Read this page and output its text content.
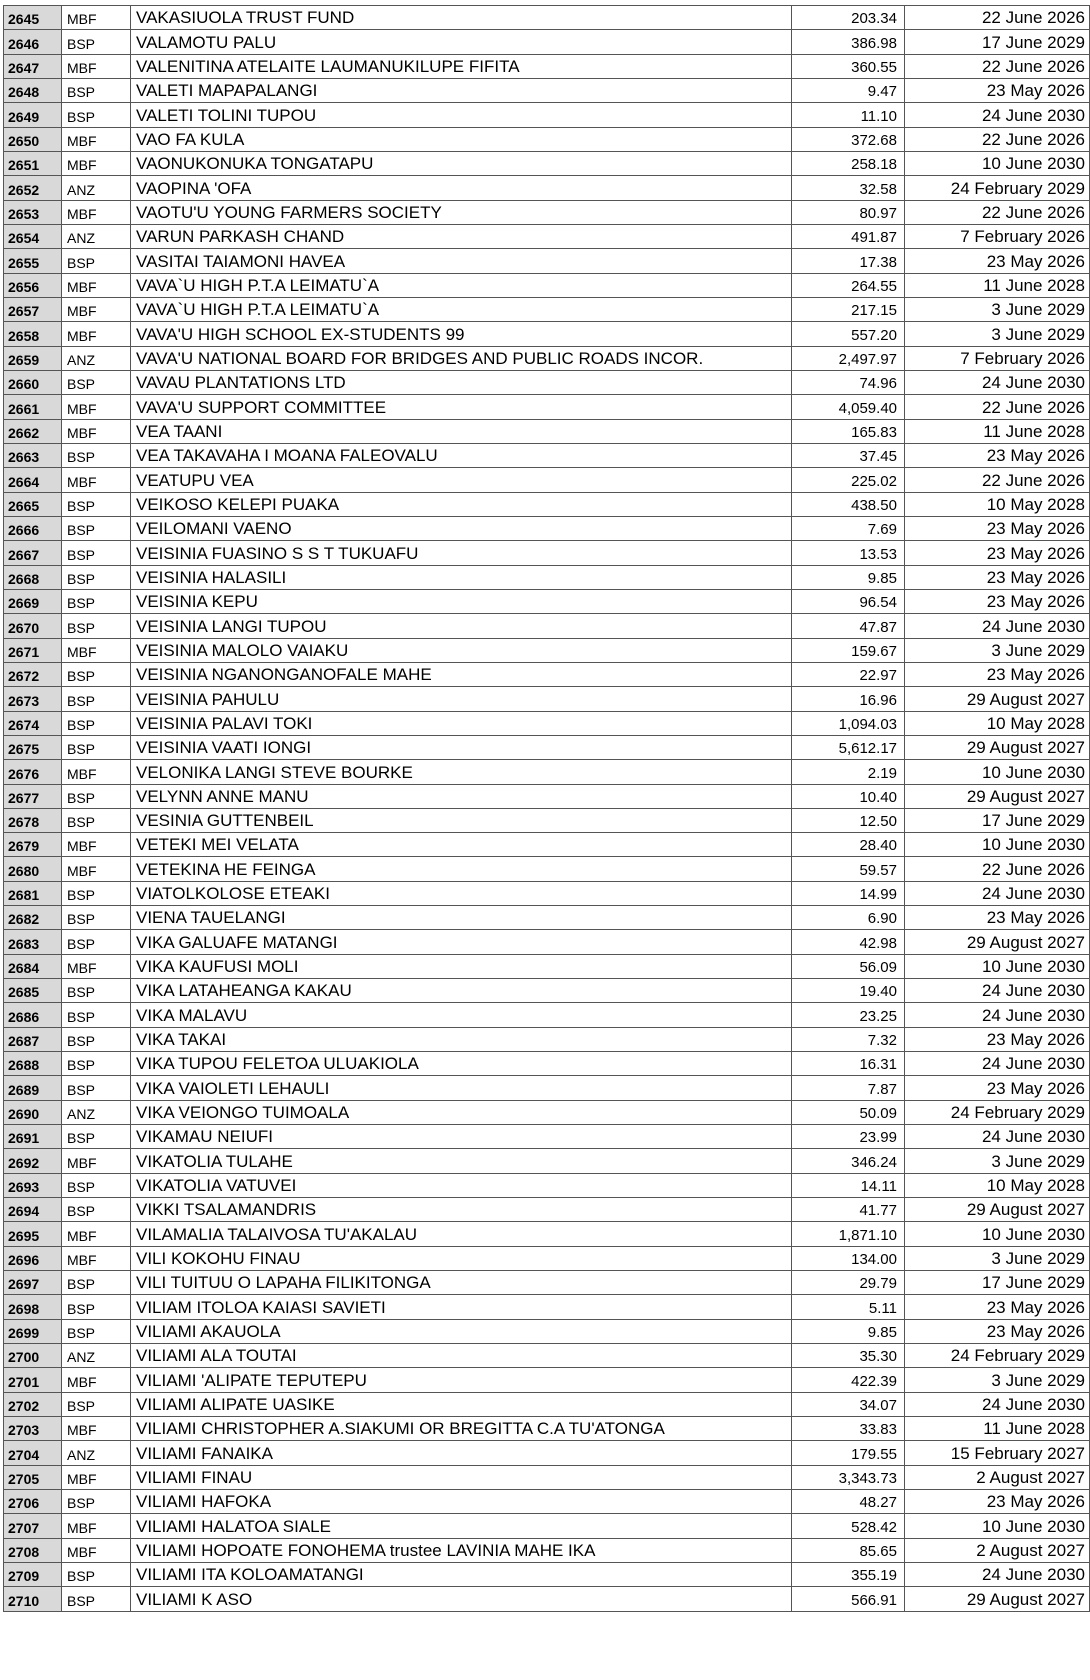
2645	MBF	VAKASIUOLA TRUST FUND	203.34	22 June 2026
2646	BSP	VALAMOTU PALU	386.98	17 June 2029
2647	MBF	VALENITINA ATELAITE LAUMANUKILUPE FIFITA	360.55	22 June 2026
2648	BSP	VALETI MAPAPALANGI	9.47	23 May 2026
2649	BSP	VALETI TOLINI TUPOU	11.10	24 June 2030
2650	MBF	VAO FA KULA	372.68	22 June 2026
2651	MBF	VAONUKONUKA TONGATAPU	258.18	10 June 2030
2652	ANZ	VAOPINA 'OFA	32.58	24 February 2029
2653	MBF	VAOTU'U YOUNG FARMERS SOCIETY	80.97	22 June 2026
2654	ANZ	VARUN PARKASH CHAND	491.87	7 February 2026
2655	BSP	VASITAI TAIAMONI HAVEA	17.38	23 May 2026
2656	MBF	VAVA`U HIGH P.T.A LEIMATU`A	264.55	11 June 2028
2657	MBF	VAVA`U HIGH P.T.A LEIMATU`A	217.15	3 June 2029
2658	MBF	VAVA'U HIGH SCHOOL EX-STUDENTS 99	557.20	3 June 2029
2659	ANZ	VAVA'U NATIONAL BOARD FOR BRIDGES AND PUBLIC ROADS INCOR.	2,497.97	7 February 2026
2660	BSP	VAVAU PLANTATIONS LTD	74.96	24 June 2030
2661	MBF	VAVA'U SUPPORT COMMITTEE	4,059.40	22 June 2026
2662	MBF	VEA TAANI	165.83	11 June 2028
2663	BSP	VEA TAKAVAHA I MOANA FALEOVALU	37.45	23 May 2026
2664	MBF	VEATUPU VEA	225.02	22 June 2026
2665	BSP	VEIKOSO KELEPI PUAKA	438.50	10 May 2028
2666	BSP	VEILOMANI VAENO	7.69	23 May 2026
2667	BSP	VEISINIA FUASINO S S T TUKUAFU	13.53	23 May 2026
2668	BSP	VEISINIA HALASILI	9.85	23 May 2026
2669	BSP	VEISINIA KEPU	96.54	23 May 2026
2670	BSP	VEISINIA LANGI TUPOU	47.87	24 June 2030
2671	MBF	VEISINIA MALOLO VAIAKU	159.67	3 June 2029
2672	BSP	VEISINIA NGANONGANOFALE MAHE	22.97	23 May 2026
2673	BSP	VEISINIA PAHULU	16.96	29 August 2027
2674	BSP	VEISINIA PALAVI TOKI	1,094.03	10 May 2028
2675	BSP	VEISINIA VAATI IONGI	5,612.17	29 August 2027
2676	MBF	VELONIKA LANGI STEVE BOURKE	2.19	10 June 2030
2677	BSP	VELYNN ANNE MANU	10.40	29 August 2027
2678	BSP	VESINIA GUTTENBEIL	12.50	17 June 2029
2679	MBF	VETEKI MEI VELATA	28.40	10 June 2030
2680	MBF	VETEKINA HE FEINGA	59.57	22 June 2026
2681	BSP	VIATOLKOLOSE ETEAKI	14.99	24 June 2030
2682	BSP	VIENA TAUELANGI	6.90	23 May 2026
2683	BSP	VIKA GALUAFE MATANGI	42.98	29 August 2027
2684	MBF	VIKA KAUFUSI MOLI	56.09	10 June 2030
2685	BSP	VIKA LATAHEANGA KAKAU	19.40	24 June 2030
2686	BSP	VIKA MALAVU	23.25	24 June 2030
2687	BSP	VIKA TAKAI	7.32	23 May 2026
2688	BSP	VIKA TUPOU FELETOA ULUAKIOLA	16.31	24 June 2030
2689	BSP	VIKA VAIOLETI LEHAULI	7.87	23 May 2026
2690	ANZ	VIKA VEIONGO TUIMOALA	50.09	24 February 2029
2691	BSP	VIKAMAU NEIUFI	23.99	24 June 2030
2692	MBF	VIKATOLIA TULAHE	346.24	3 June 2029
2693	BSP	VIKATOLIA VATUVEI	14.11	10 May 2028
2694	BSP	VIKKI TSALAMANDRIS	41.77	29 August 2027
2695	MBF	VILAMALIA TALAIVOSA TU'AKALAU	1,871.10	10 June 2030
2696	MBF	VILI KOKOHU FINAU	134.00	3 June 2029
2697	BSP	VILI TUITUU O LAPAHA FILIKITONGA	29.79	17 June 2029
2698	BSP	VILIAM ITOLOA KAIASI SAVIETI	5.11	23 May 2026
2699	BSP	VILIAMI AKAUOLA	9.85	23 May 2026
2700	ANZ	VILIAMI ALA TOUTAI	35.30	24 February 2029
2701	MBF	VILIAMI 'ALIPATE TEPUTEPU	422.39	3 June 2029
2702	BSP	VILIAMI ALIPATE UASIKE	34.07	24 June 2030
2703	MBF	VILIAMI CHRISTOPHER A.SIAKUMI OR BREGITTA C.A TU'ATONGA	33.83	11 June 2028
2704	ANZ	VILIAMI FANAIKA	179.55	15 February 2027
2705	MBF	VILIAMI FINAU	3,343.73	2 August 2027
2706	BSP	VILIAMI HAFOKA	48.27	23 May 2026
2707	MBF	VILIAMI HALATOA SIALE	528.42	10 June 2030
2708	MBF	VILIAMI HOPOATE FONOHEMA trustee LAVINIA MAHE IKA	85.65	2 August 2027
2709	BSP	VILIAMI ITA KOLOAMATANGI	355.19	24 June 2030
2710	BSP	VILIAMI K ASO	566.91	29 August 2027
